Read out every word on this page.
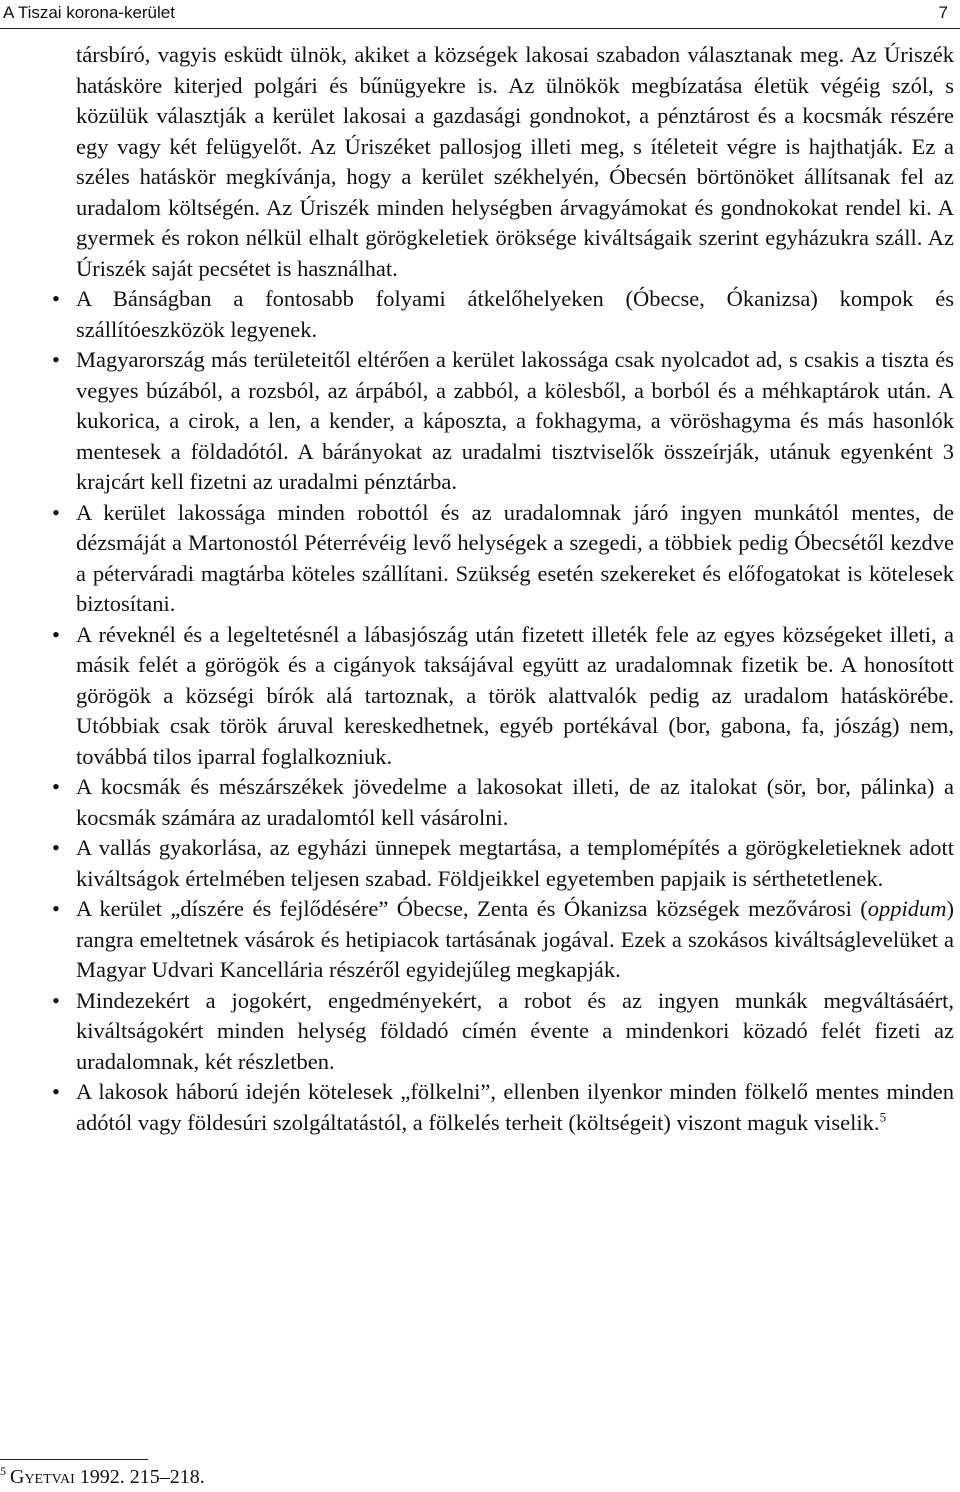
A Tiszai korona-kerület	7

társbíró, vagyis esküdt ülnök, akiket a községek lakosai szabadon választanak meg. Az Úriszék hatásköre kiterjed polgári és bűnügyekre is. Az ülnökök megbízatása életük végéig szól, s közülük választják a kerület lakosai a gazdasági gondnokot, a pénztárost és a kocsmák részére egy vagy két felügyelőt. Az Úriszéket pallosjog illeti meg, s ítéleteit végre is hajthatják. Ez a széles hatáskör megkívánja, hogy a kerület székhelyén, Óbecsén börtönöket állítsanak fel az uradalom költségén. Az Úriszék minden helységben árvagyámokat és gondnokokat rendel ki. A gyermek és rokon nélkül elhalt görögkeletiek öröksége kiváltságaik szerint egyházukra száll. Az Úriszék saját pecsétet is használhat.

• A Bánságban a fontosabb folyami átkelőhelyeken (Óbecse, Ókanizsa) kompok és szállítóeszközök legyenek.
• Magyarország más területeitől eltérően a kerület lakossága csak nyolcadot ad, s csakis a tiszta és vegyes búzából, a rozsból, az árpából, a zabból, a kölesből, a borból és a méhkaptárok után. A kukorica, a cirok, a len, a kender, a káposzta, a fokhagyma, a vöröshagyma és más hasonlók mentesek a földadótól. A bárányokat az uradalmi tisztviselők összeírják, utánuk egyenként 3 krajcárt kell fizetni az uradalmi pénztárba.
• A kerület lakossága minden robottól és az uradalomnak járó ingyen munkától mentes, de dézsmáját a Martonostól Péterrévéig levő helységek a szegedi, a többiek pedig Óbecsétől kezdve a péterváradi magtárba köteles szállítani. Szükség esetén szekereket és előfogatokat is kötelesek biztosítani.
• A réveknél és a legeltetésnél a lábasjószág után fizetett illeték fele az egyes községeket illeti, a másik felét a görögök és a cigányok taksájával együtt az uradalomnak fizetik be. A honosított görögök a községi bírók alá tartoznak, a török alattvalók pedig az uradalom hatáskörébe. Utóbbiak csak török áruval kereskedhetnek, egyéb portékával (bor, gabona, fa, jószág) nem, továbbá tilos iparral foglalkozniuk.
• A kocsmák és mészárszékek jövedelme a lakosokat illeti, de az italokat (sör, bor, pálinka) a kocsmák számára az uradalomtól kell vásárolni.
• A vallás gyakorlása, az egyházi ünnepek megtartása, a templomépítés a görögkeletieknek adott kiváltságok értelmében teljesen szabad. Földjeikkel egyetemben papjaik is sérthetetlenek.
• A kerület „díszére és fejlődésére” Óbecse, Zenta és Ókanizsa községek mezővárosi (oppidum) rangra emeltetnek vásárok és hetipiacok tartásának jogával. Ezek a szokásos kiváltságlevelüket a Magyar Udvari Kancellária részéről egyidejűleg megkapják.
• Mindezekért a jogokért, engedményekért, a robot és az ingyen munkák megváltásáért, kiváltságokért minden helység földadó címén évente a mindenkori közadó felét fizeti az uradalomnak, két részletben.
• A lakosok háború idején kötelesek „fölkelni”, ellenben ilyenkor minden fölkelő mentes minden adótól vagy földesúri szolgáltatástól, a fölkelés terheit (költségeit) viszont maguk viselik.$^5$
$^5$ Gyetvai 1992. 215–218.
